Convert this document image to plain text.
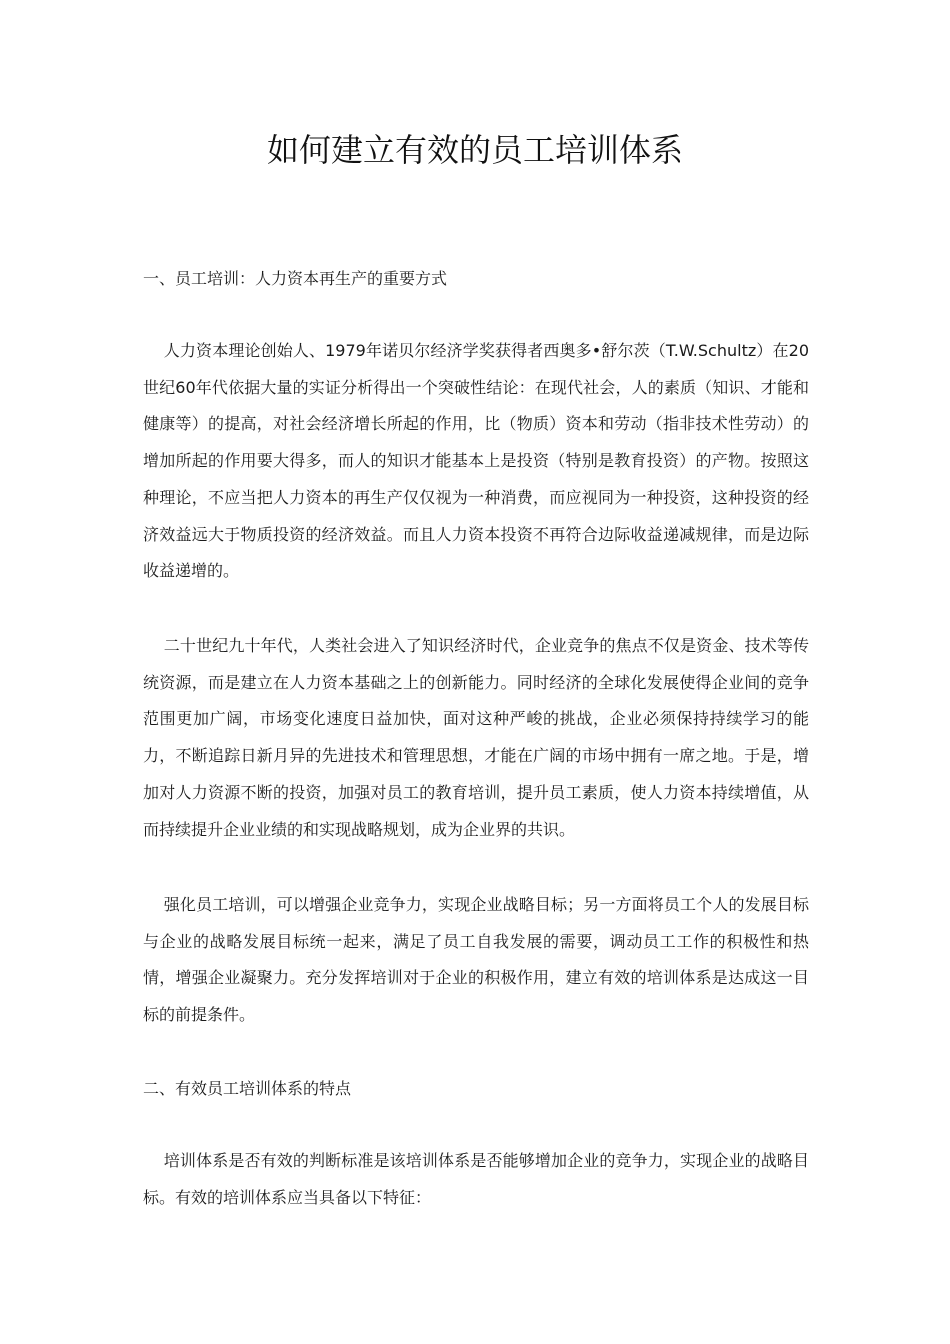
如何建立有效的员工培训体系
一、员工培训：人力资本再生产的重要方式

人力资本理论创始人、1979年诺贝尔经济学奖获得者西奥多•舒尔茨（T.W.Schultz）在20世纪60年代依据大量的实证分析得出一个突破性结论：在现代社会，人的素质（知识、才能和健康等）的提高，对社会经济增长所起的作用，比（物质）资本和劳动（指非技术性劳动）的增加所起的作用要大得多，而人的知识才能基本上是投资（特别是教育投资）的产物。按照这种理论，不应当把人力资本的再生产仅仅视为一种消费，而应视同为一种投资，这种投资的经济效益远大于物质投资的经济效益。而且人力资本投资不再符合边际收益递减规律，而是边际收益递增的。

二十世纪九十年代，人类社会进入了知识经济时代，企业竞争的焦点不仅是资金、技术等传统资源，而是建立在人力资本基础之上的创新能力。同时经济的全球化发展使得企业间的竞争范围更加广阔，市场变化速度日益加快，面对这种严峻的挑战，企业必须保持持续学习的能力，不断追踪日新月异的先进技术和管理思想，才能在广阔的市场中拥有一席之地。于是，增加对人力资源不断的投资，加强对员工的教育培训，提升员工素质，使人力资本持续增值，从而持续提升企业业绩的和实现战略规划，成为企业界的共识。

强化员工培训，可以增强企业竞争力，实现企业战略目标；另一方面将员工个人的发展目标与企业的战略发展目标统一起来，满足了员工自我发展的需要，调动员工工作的积极性和热情，增强企业凝聚力。充分发挥培训对于企业的积极作用，建立有效的培训体系是达成这一目标的前提条件。

二、有效员工培训体系的特点

培训体系是否有效的判断标准是该培训体系是否能够增加企业的竞争力，实现企业的战略目标。有效的培训体系应当具备以下特征：
